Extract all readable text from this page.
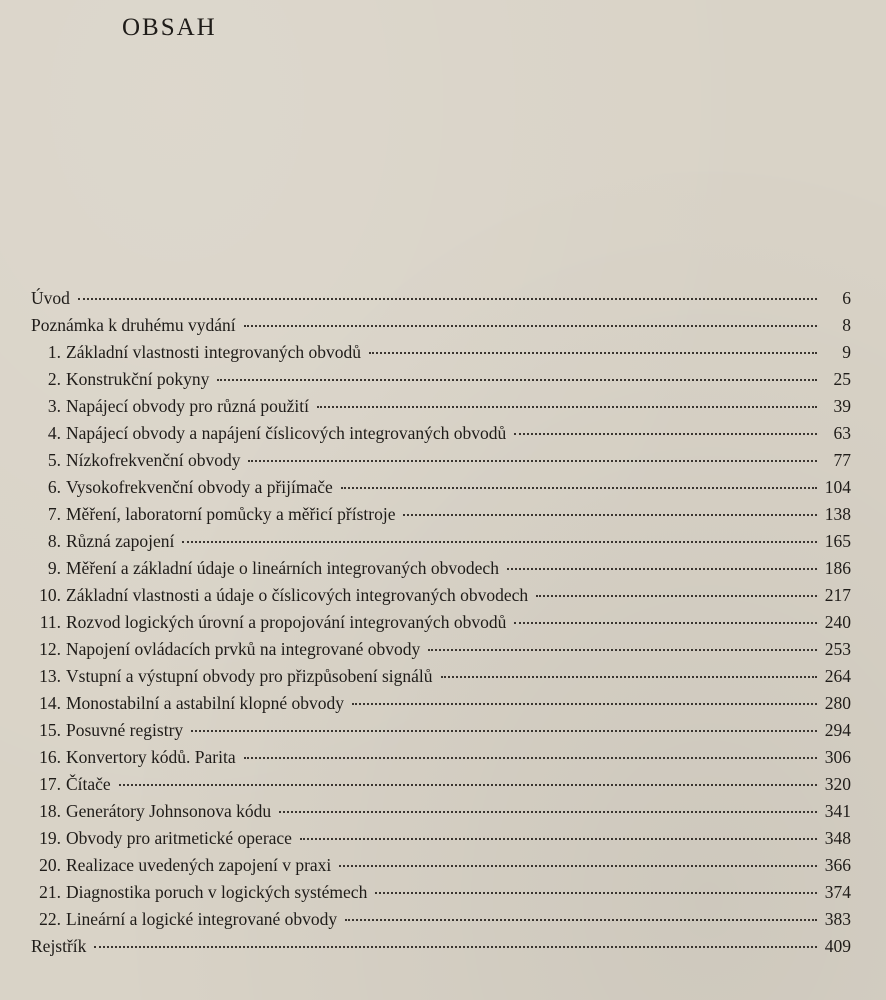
OBSAH
Úvod	6
Poznámka k druhému vydání	8
1. Základní vlastnosti integrovaných obvodů	9
2. Konstrukční pokyny	25
3. Napájecí obvody pro různá použití	39
4. Napájecí obvody a napájení číslicových integrovaných obvodů	63
5. Nízkofrekvenční obvody	77
6. Vysokofrekvenční obvody a přijímače	104
7. Měření, laboratorní pomůcky a měřicí přístroje	138
8. Různá zapojení	165
9. Měření a základní údaje o lineárních integrovaných obvodech	186
10. Základní vlastnosti a údaje o číslicových integrovaných obvodech	217
11. Rozvod logických úrovní a propojování integrovaných obvodů	240
12. Napojení ovládacích prvků na integrované obvody	253
13. Vstupní a výstupní obvody pro přizpůsobení signálů	264
14. Monostabilní a astabilní klopné obvody	280
15. Posuvné registry	294
16. Konvertory kódů. Parita	306
17. Čítače	320
18. Generátory Johnsonova kódu	341
19. Obvody pro aritmetické operace	348
20. Realizace uvedených zapojení v praxi	366
21. Diagnostika poruch v logických systémech	374
22. Lineární a logické integrované obvody	383
Rejstřík	409
